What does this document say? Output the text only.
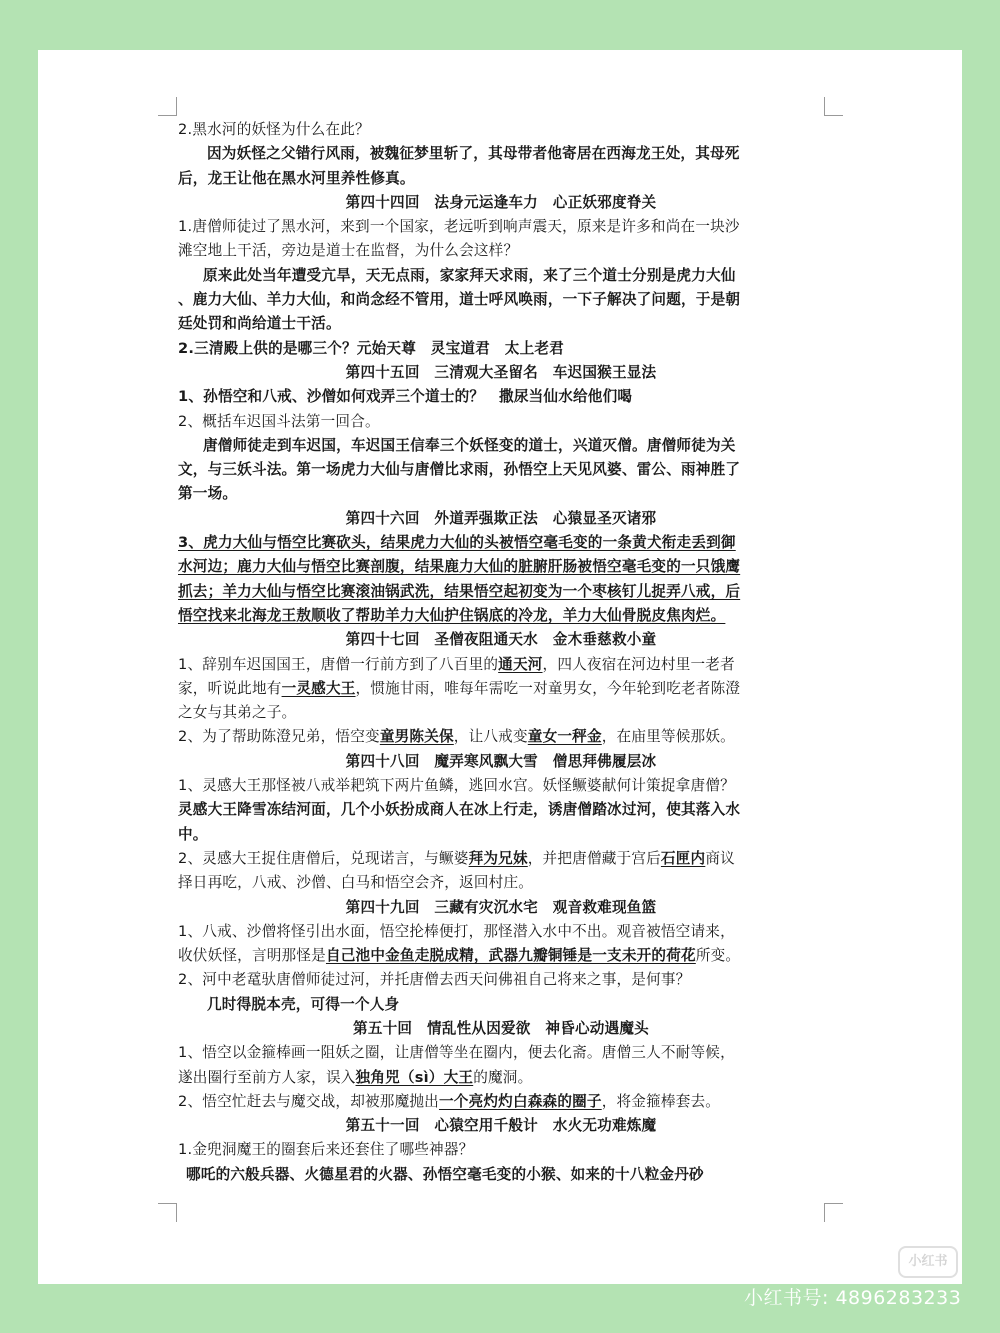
2.黑水河的妖怪为什么在此？
因为妖怪之父错行风雨，被魏征梦里斩了，其母带者他寄居在西海龙王处，其母死
后，龙王让他在黑水河里养性修真。
第四十四回　法身元运逢车力　心正妖邪度脊关
1.唐僧师徒过了黑水河，来到一个国家，老远听到响声震天，原来是许多和尚在一块沙
滩空地上干活，旁边是道士在监督，为什么会这样？
原来此处当年遭受亢旱，天无点雨，家家拜天求雨，来了三个道士分别是虎力大仙
、鹿力大仙、羊力大仙，和尚念经不管用，道士呼风唤雨，一下子解决了问题，于是朝
廷处罚和尚给道士干活。
2.三清殿上供的是哪三个？元始天尊　灵宝道君　太上老君
第四十五回　三清观大圣留名　车迟国猴王显法
1、孙悟空和八戒、沙僧如何戏弄三个道士的？　撒尿当仙水给他们喝
2、概括车迟国斗法第一回合。
唐僧师徒走到车迟国，车迟国王信奉三个妖怪变的道士，兴道灭僧。唐僧师徒为关
文，与三妖斗法。第一场虎力大仙与唐僧比求雨，孙悟空上天见风婆、雷公、雨神胜了
第一场。
第四十六回　外道弄强欺正法　心猿显圣灭诸邪
3、虎力大仙与悟空比赛砍头，结果虎力大仙的头被悟空毫毛变的一条黄犬衔走丢到御
水河边；鹿力大仙与悟空比赛剖腹，结果鹿力大仙的脏腑肝肠被悟空毫毛变的一只饿鹰
抓去；羊力大仙与悟空比赛滚油锅武洗，结果悟空起初变为一个枣核钉儿捉弄八戒，后
悟空找来北海龙王敖顺收了帮助羊力大仙护住锅底的冷龙，羊力大仙骨脱皮焦肉烂。
第四十七回　圣僧夜阻通天水　金木垂慈救小童
1、辞别车迟国国王，唐僧一行前方到了八百里的通天河，四人夜宿在河边村里一老者
家，听说此地有一灵感大王，惯施甘雨，唯每年需吃一对童男女，今年轮到吃老者陈澄
之女与其弟之子。
2、为了帮助陈澄兄弟，悟空变童男陈关保，让八戒变童女一秤金，在庙里等候那妖。
第四十八回　魔弄寒风飘大雪　僧思拜佛履层冰
1、灵感大王那怪被八戒举耙筑下两片鱼鳞，逃回水宫。妖怪鳜婆献何计策捉拿唐僧？
灵感大王降雪冻结河面，几个小妖扮成商人在冰上行走，诱唐僧踏冰过河，使其落入水
中。
2、灵感大王捉住唐僧后，兑现诺言，与鳜婆拜为兄妹，并把唐僧藏于宫后石匣内商议
择日再吃，八戒、沙僧、白马和悟空会齐，返回村庄。
第四十九回　三藏有灾沉水宅　观音救难现鱼篮
1、八戒、沙僧将怪引出水面，悟空抡棒便打，那怪潜入水中不出。观音被悟空请来，
收伏妖怪，言明那怪是自己池中金鱼走脱成精，武器九瓣铜锤是一支未开的荷花所变。
2、河中老鼋驮唐僧师徒过河，并托唐僧去西天问佛祖自己将来之事，是何事？
几时得脱本壳，可得一个人身
第五十回　情乱性从因爱欲　神昏心动遇魔头
1、悟空以金箍棒画一阻妖之圈，让唐僧等坐在圈内，便去化斋。唐僧三人不耐等候，
遂出圈行至前方人家，误入独角兕（sì）大王的魔洞。
2、悟空忙赶去与魔交战，却被那魔抛出一个亮灼灼白森森的圈子，将金箍棒套去。
第五十一回　心猿空用千般计　水火无功难炼魔
1.金兜洞魔王的圈套后来还套住了哪些神器？
哪吒的六般兵器、火德星君的火器、孙悟空毫毛变的小猴、如来的十八粒金丹砂
小红书
小红书号: 4896283233
